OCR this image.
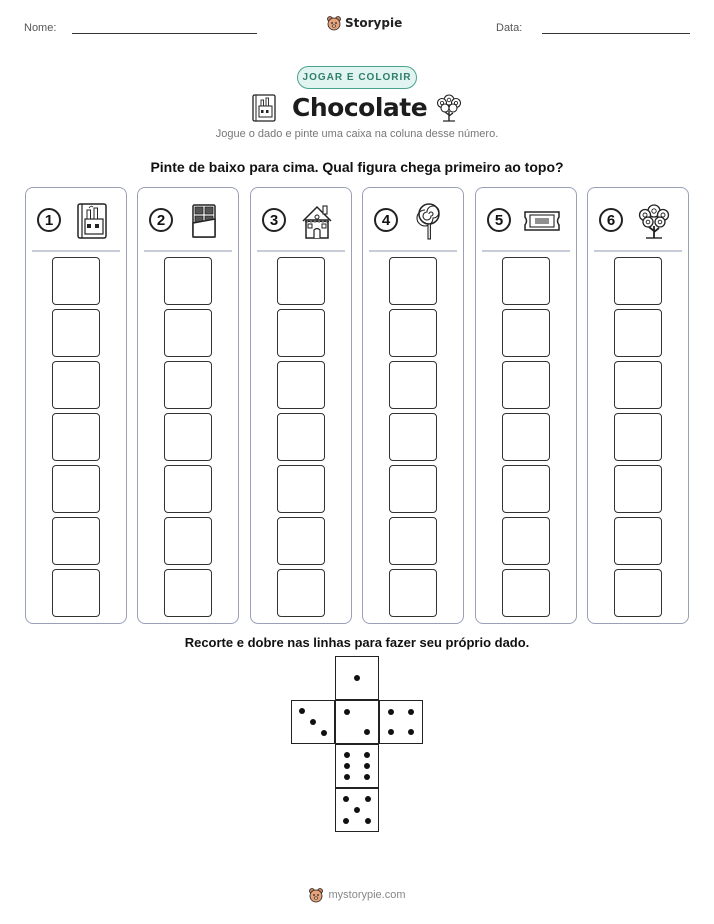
Nome:	Storypie	Data:
JOGAR E COLORIR
Chocolate
Jogue o dado e pinte uma caixa na coluna desse número.
Pinte de baixo para cima. Qual figura chega primeiro ao topo?
1	2	3	4	5	6
Recorte e dobre nas linhas para fazer seu próprio dado.
mystorypie.com
